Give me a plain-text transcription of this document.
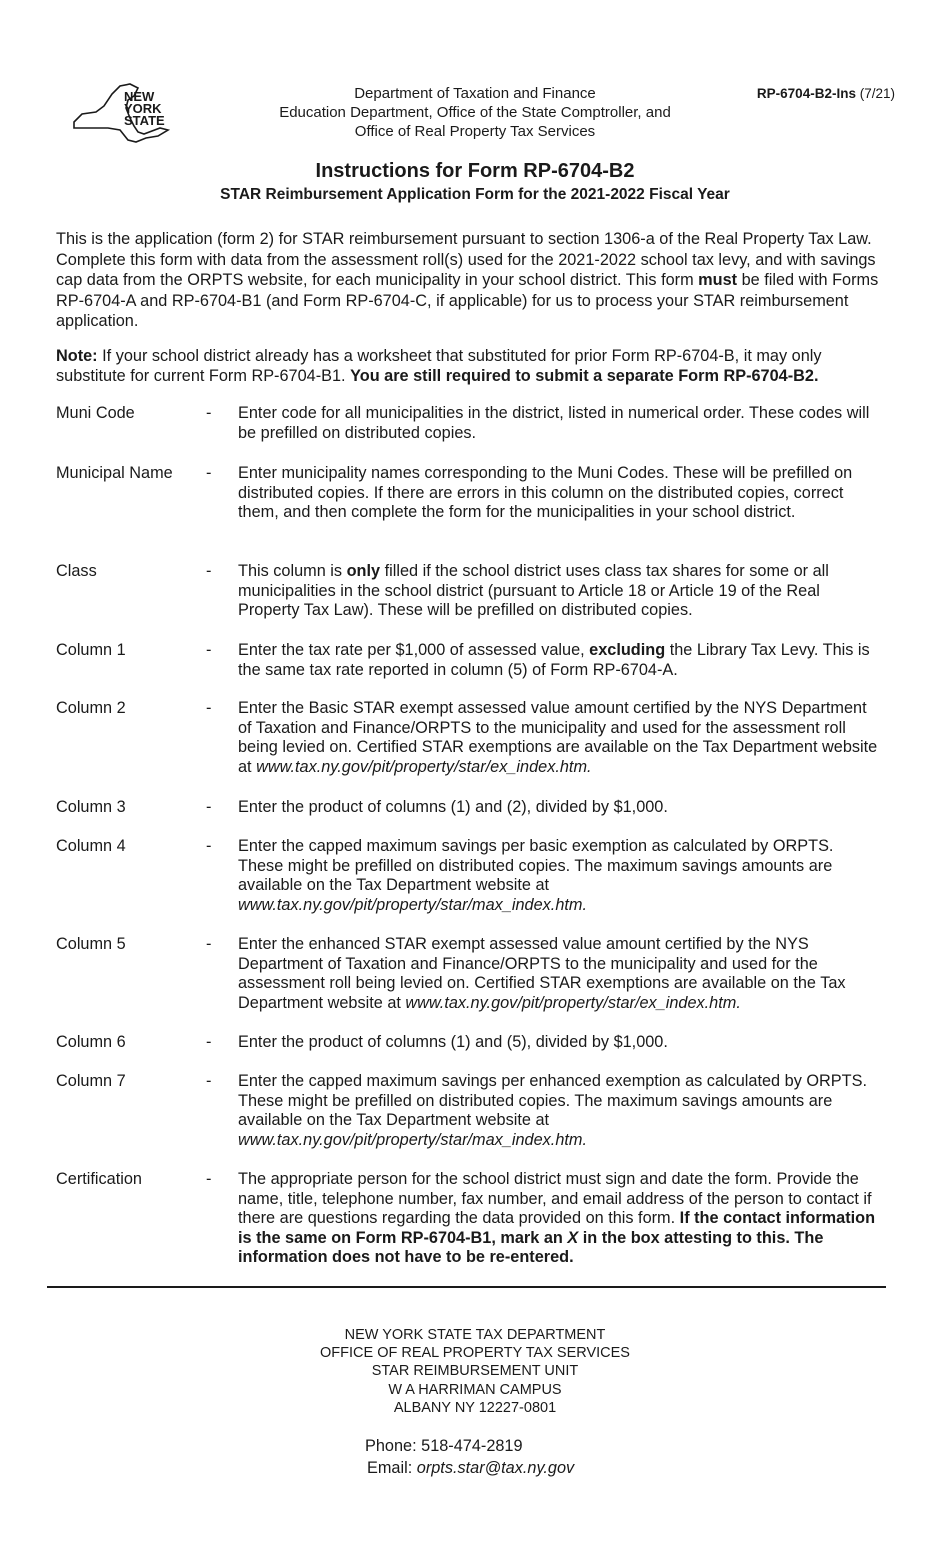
NEW
YORK
STATE
Department of Taxation and Finance
Education Department, Office of the State Comptroller, and
Office of Real Property Tax Services
RP-6704-B2-Ins (7/21)
Instructions for Form RP-6704-B2
STAR Reimbursement Application Form for the 2021-2022 Fiscal Year

This is the application (form 2) for STAR reimbursement pursuant to section 1306-a of the Real Property Tax Law. Complete this form with data from the assessment roll(s) used for the 2021-2022 school tax levy, and with savings cap data from the ORPTS website, for each municipality in your school district. This form must be filed with Forms RP-6704-A and RP-6704-B1 (and Form RP-6704-C, if applicable) for us to process your STAR reimbursement application.

Note: If your school district already has a worksheet that substituted for prior Form RP-6704-B, it may only substitute for current Form RP-6704-B1. You are still required to submit a separate Form RP-6704-B2.

Muni Code	- Enter code for all municipalities in the district, listed in numerical order. These codes will be prefilled on distributed copies.
Municipal Name	- Enter municipality names corresponding to the Muni Codes. These will be prefilled on distributed copies. If there are errors in this column on the distributed copies, correct them, and then complete the form for the municipalities in your school district.
Class	- This column is only filled if the school district uses class tax shares for some or all municipalities in the school district (pursuant to Article 18 or Article 19 of the Real Property Tax Law). These will be prefilled on distributed copies.
Column 1	- Enter the tax rate per $1,000 of assessed value, excluding the Library Tax Levy. This is the same tax rate reported in column (5) of Form RP-6704-A.
Column 2	- Enter the Basic STAR exempt assessed value amount certified by the NYS Department of Taxation and Finance/ORPTS to the municipality and used for the assessment roll being levied on. Certified STAR exemptions are available on the Tax Department website at www.tax.ny.gov/pit/property/star/ex_index.htm.
Column 3	- Enter the product of columns (1) and (2), divided by $1,000.
Column 4	- Enter the capped maximum savings per basic exemption as calculated by ORPTS. These might be prefilled on distributed copies. The maximum savings amounts are available on the Tax Department website at
www.tax.ny.gov/pit/property/star/max_index.htm.
Column 5	- Enter the enhanced STAR exempt assessed value amount certified by the NYS Department of Taxation and Finance/ORPTS to the municipality and used for the assessment roll being levied on. Certified STAR exemptions are available on the Tax Department website at www.tax.ny.gov/pit/property/star/ex_index.htm.
Column 6	- Enter the product of columns (1) and (5), divided by $1,000.
Column 7	- Enter the capped maximum savings per enhanced exemption as calculated by ORPTS. These might be prefilled on distributed copies. The maximum savings amounts are available on the Tax Department website at
www.tax.ny.gov/pit/property/star/max_index.htm.
Certification	- The appropriate person for the school district must sign and date the form. Provide the name, title, telephone number, fax number, and email address of the person to contact if there are questions regarding the data provided on this form. If the contact information is the same on Form RP-6704-B1, mark an X in the box attesting to this. The information does not have to be re-entered.
NEW YORK STATE TAX DEPARTMENT
OFFICE OF REAL PROPERTY TAX SERVICES
STAR REIMBURSEMENT UNIT
W A HARRIMAN CAMPUS
ALBANY NY 12227-0801
Phone: 518-474-2819
Email: orpts.star@tax.ny.gov
